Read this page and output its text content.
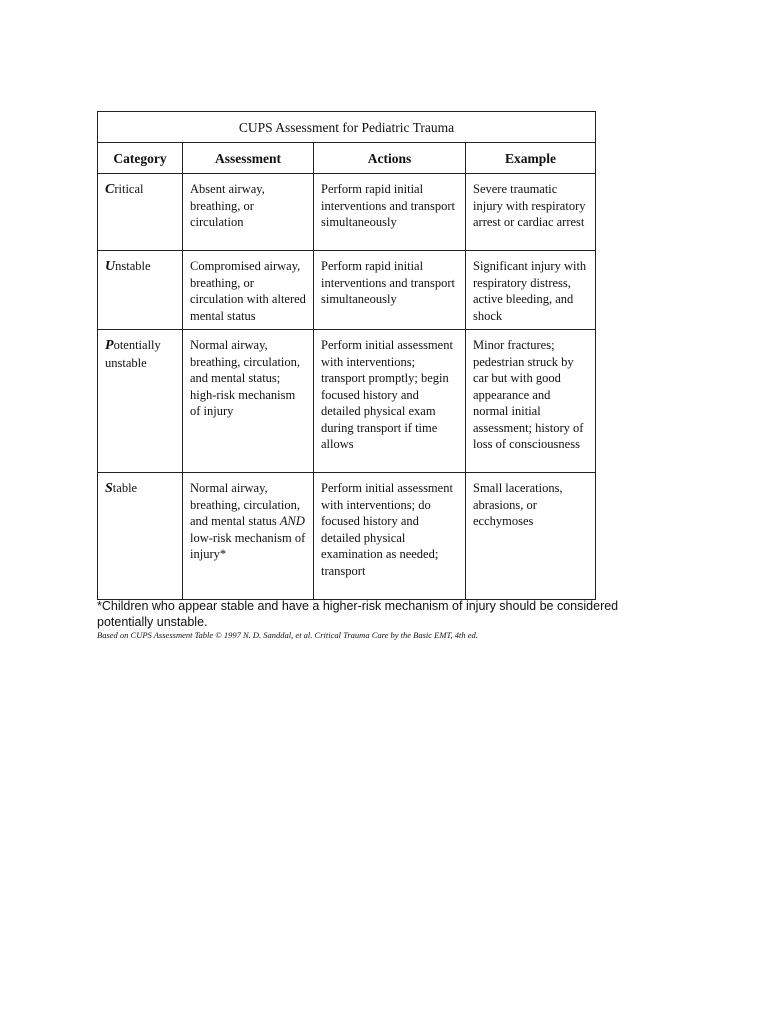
CUPS Assessment for Pediatric Trauma			
Category	Assessment	Actions	Example
Critical	Absent airway, breathing, or circulation	Perform rapid initial interventions and transport simultaneously	Severe traumatic injury with respiratory arrest or cardiac arrest
Unstable	Compromised airway, breathing, or circulation with altered mental status	Perform rapid initial interventions and transport simultaneously	Significant injury with respiratory distress, active bleeding, and shock
Potentially unstable	Normal airway, breathing, circulation, and mental status; high-risk mechanism of injury	Perform initial assessment with interventions; transport promptly; begin focused history and detailed physical exam during transport if time allows	Minor fractures; pedestrian struck by car but with good appearance and normal initial assessment; history of loss of consciousness
Stable	Normal airway, breathing, circulation, and mental status AND low-risk mechanism of injury*	Perform initial assessment with interventions; do focused history and detailed physical examination as needed; transport	Small lacerations, abrasions, or ecchymoses
*Children who appear stable and have a higher-risk mechanism of injury should be considered potentially unstable.
Based on CUPS Assessment Table © 1997 N. D. Sanddal, et al. Critical Trauma Care by the Basic EMT, 4th ed.
